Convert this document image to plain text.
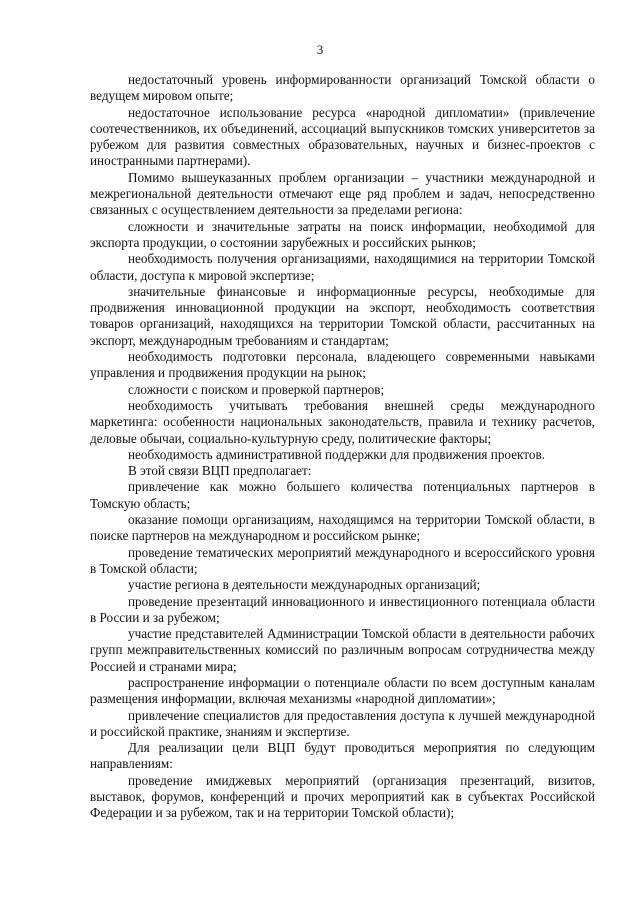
3

недостаточный уровень информированности организаций Томской области о ведущем мировом опыте;

недостаточное использование ресурса «народной дипломатии» (привлечение соотечественников, их объединений, ассоциаций выпускников томских университетов за рубежом для развития совместных образовательных, научных и бизнес-проектов с иностранными партнерами).

Помимо вышеуказанных проблем организации – участники международной и межрегиональной деятельности отмечают еще ряд проблем и задач, непосредственно связанных с осуществлением деятельности за пределами региона:

сложности и значительные затраты на поиск информации, необходимой для экспорта продукции, о состоянии зарубежных и российских рынков;

необходимость получения организациями, находящимися на территории Томской области, доступа к мировой экспертизе;

значительные финансовые и информационные ресурсы, необходимые для продвижения инновационной продукции на экспорт, необходимость соответствия товаров организаций, находящихся на территории Томской области, рассчитанных на экспорт, международным требованиям и стандартам;

необходимость подготовки персонала, владеющего современными навыками управления и продвижения продукции на рынок;

сложности с поиском и проверкой партнеров;

необходимость учитывать требования внешней среды международного маркетинга: особенности национальных законодательств, правила и технику расчетов, деловые обычаи, социально-культурную среду, политические факторы;

необходимость административной поддержки для продвижения проектов.

В этой связи ВЦП предполагает:

привлечение как можно большего количества потенциальных партнеров в Томскую область;

оказание помощи организациям, находящимся на территории Томской области, в поиске партнеров на международном и российском рынке;

проведение тематических мероприятий международного и всероссийского уровня в Томской области;

участие региона в деятельности международных организаций;

проведение презентаций инновационного и инвестиционного потенциала области в России и за рубежом;

участие представителей Администрации Томской области в деятельности рабочих групп межправительственных комиссий по различным вопросам сотрудничества между Россией и странами мира;

распространение информации о потенциале области по всем доступным каналам размещения информации, включая механизмы «народной дипломатии»;

привлечение специалистов для предоставления доступа к лучшей международной и российской практике, знаниям и экспертизе.

Для реализации цели ВЦП будут проводиться мероприятия по следующим направлениям:

проведение имиджевых мероприятий (организация презентаций, визитов, выставок, форумов, конференций и прочих мероприятий как в субъектах Российской Федерации и за рубежом, так и на территории Томской области);
